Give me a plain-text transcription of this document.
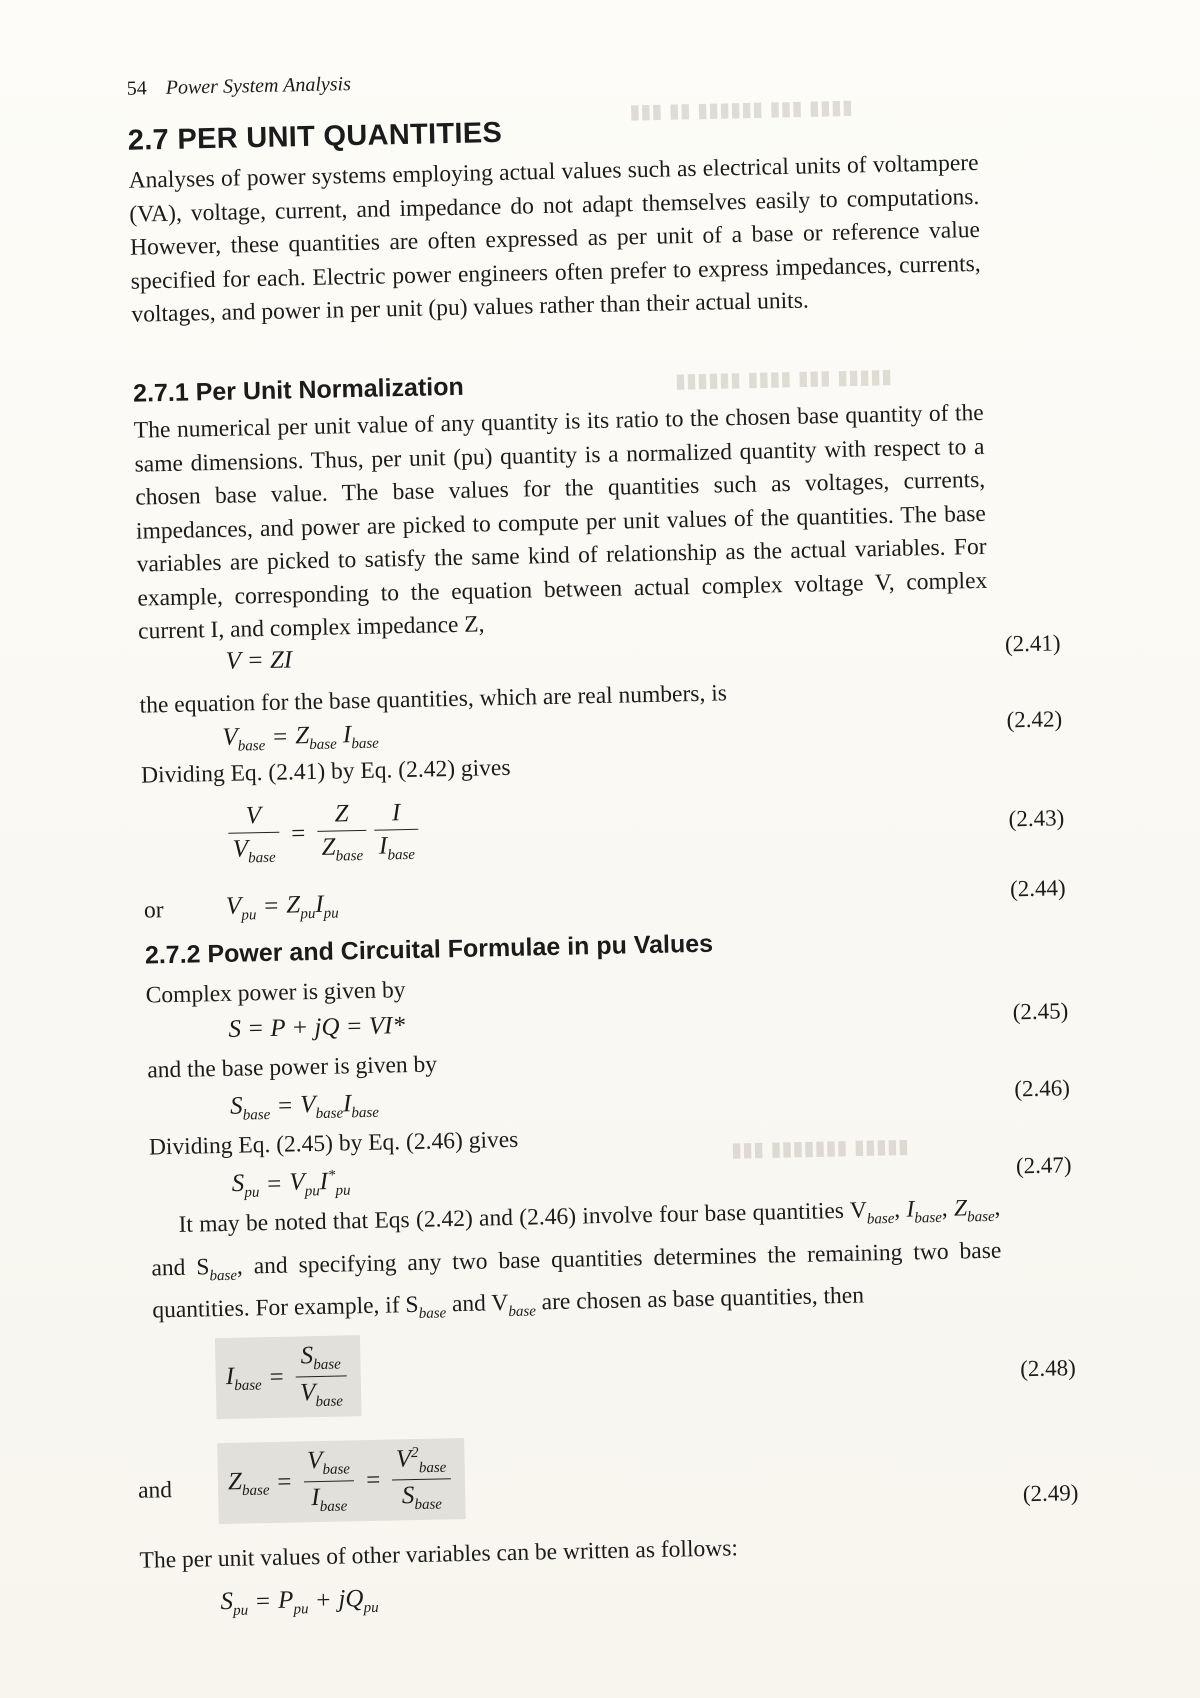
▮▮▮▮ ▮▮▮ ▮▮▮▮▮▮ ▮▮ ▮▮▮
▮▮▮▮▮ ▮▮▮ ▮▮▮▮ ▮▮▮▮▮▮
▮▮▮▮▮ ▮▮▮▮▮▮▮ ▮▮▮
54 Power System Analysis
2.7 PER UNIT QUANTITIES
Analyses of power systems employing actual values such as electrical units of voltampere (VA), voltage, current, and impedance do not adapt themselves easily to computations. However, these quantities are often expressed as per unit of a base or reference value specified for each. Electric power engineers often prefer to express impedances, currents, voltages, and power in per unit (pu) values rather than their actual units.
2.7.1 Per Unit Normalization
The numerical per unit value of any quantity is its ratio to the chosen base quantity of the same dimensions. Thus, per unit (pu) quantity is a normalized quantity with respect to a chosen base value. The base values for the quantities such as voltages, currents, impedances, and power are picked to compute per unit values of the quantities. The base variables are picked to satisfy the same kind of relationship as the actual variables. For example, corresponding to the equation between actual complex voltage V, complex current I, and complex impedance Z,
V = ZI
(2.41)
the equation for the base quantities, which are real numbers, is
$V_{base} = Z_{base}$ $I_{base}$
(2.42)
Dividing Eq. (2.41) by Eq. (2.42) gives
$\frac{V}{V_{base}} = \frac{Z}{Z_{base}} \frac{I}{I_{base}}$	(2.43)
or $V_{pu} = Z_{pu}I_{pu}$
(2.44)
2.7.2 Power and Circuital Formulae in pu Values
Complex power is given by
S = P + jQ = VI*
(2.45)
and the base power is given by
$S_{base} = V_{base}I_{base}$
(2.46)
Dividing Eq. (2.45) by Eq. (2.46) gives
$S_{pu} = V_{pu}I^*_{pu}$
(2.47)
It may be noted that Eqs (2.42) and (2.46) involve four base quantities $V_{base}$, $I_{base}$, $Z_{base}$, and $S_{base}$, and specifying any two base quantities determines the remaining two base quantities. For example, if $S_{base}$ and $V_{base}$ are chosen as base quantities, then
$I_{base} = \frac{S_{base}}{V_{base}}$	(2.48)
and	$Z_{base} = \frac{V_{base}}{I_{base}} = \frac{V^2_{base}}{S_{base}}$	(2.49)
The per unit values of other variables can be written as follows:
$S_{pu} = P_{pu} + jQ_{pu}$
